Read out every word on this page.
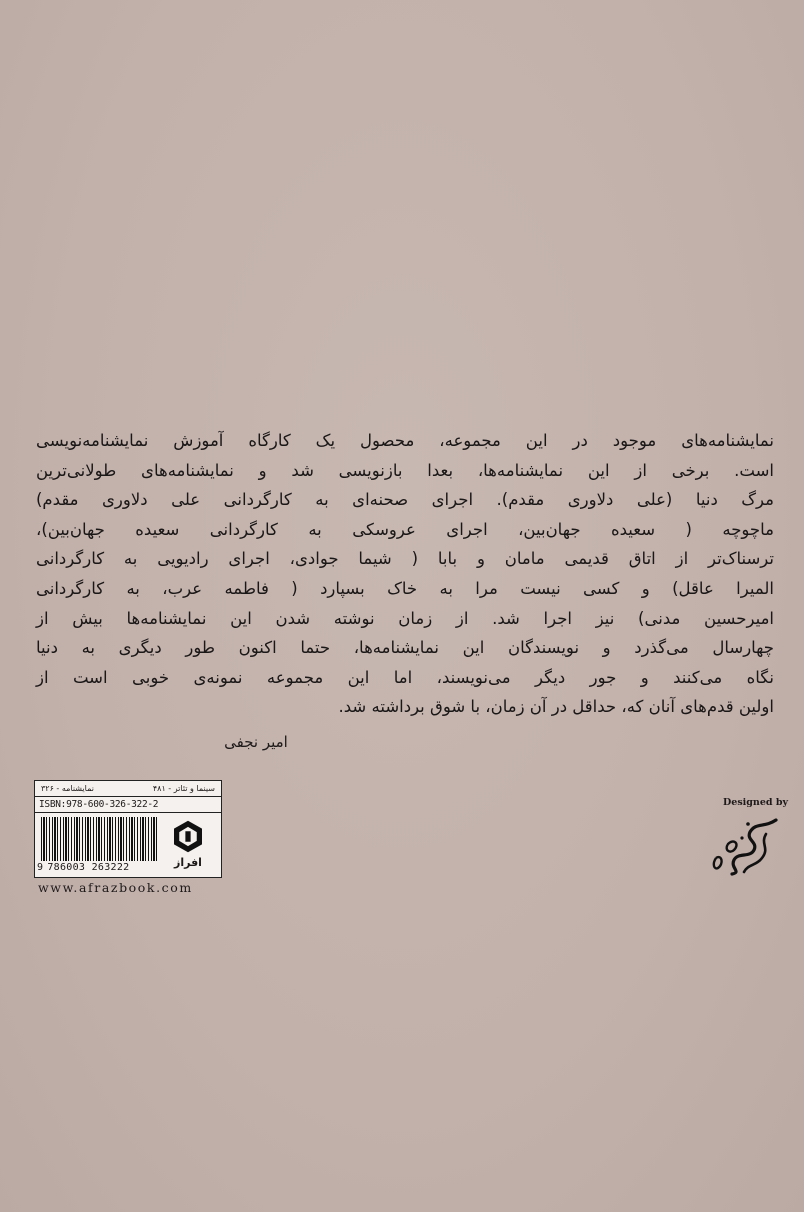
نمایشنامه‌های موجود در این مجموعه، محصول یک کارگاه آموزش نمایشنامه‌نویسی
است. برخی از این نمایشنامه‌ها، بعدا بازنویسی شد و نمایشنامه‌های طولانی‌ترین
مرگ دنیا (علی دلاوری مقدم). اجرای صحنه‌ای به کارگردانی علی دلاوری مقدم)
ماچوچه ( سعیده جهان‌بین، اجرای عروسکی به کارگردانی سعیده جهان‌بین)،
ترسناک‌تر از اتاق قدیمی مامان و بابا ( شیما جوادی، اجرای رادیویی به کارگردانی
المیرا عاقل) و کسی نیست مرا به خاک بسپارد ( فاطمه عرب، به کارگردانی
امیرحسین مدنی) نیز اجرا شد. از زمان نوشته شدن این نمایشنامه‌ها بیش از
چهارسال می‌گذرد و نویسندگان این نمایشنامه‌ها، حتما اکنون طور دیگری به دنیا
نگاه می‌کنند و جور دیگر می‌نویسند، اما این مجموعه نمونه‌ی خوبی است از
اولین قدم‌های آنان که، حداقل در آن زمان، با شوق برداشته شد.
امیر نجفی
سینما و تئاتر - ۴۸۱
نمایشنامه - ۳۲۶
ISBN:978-600-326-322-2
9 786003 263222	افراز
www.afrazbook.com
Designed by
